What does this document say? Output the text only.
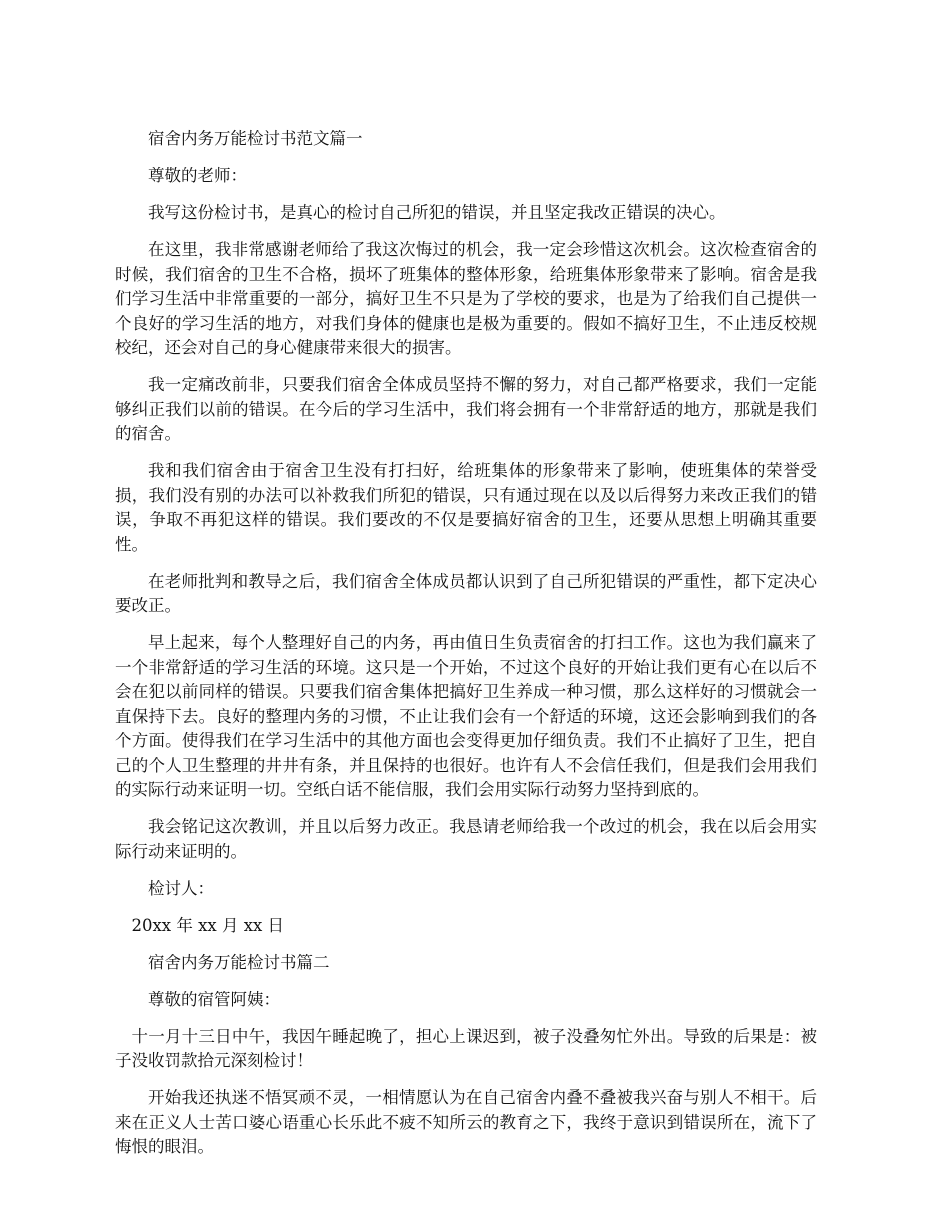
宿舍内务万能检讨书范文篇一

尊敬的老师：

我写这份检讨书，是真心的检讨自己所犯的错误，并且坚定我改正错误的决心。

在这里，我非常感谢老师给了我这次悔过的机会，我一定会珍惜这次机会。这次检查宿舍的时候，我们宿舍的卫生不合格，损坏了班集体的整体形象，给班集体形象带来了影响。宿舍是我们学习生活中非常重要的一部分，搞好卫生不只是为了学校的要求，也是为了给我们自己提供一个良好的学习生活的地方，对我们身体的健康也是极为重要的。假如不搞好卫生，不止违反校规校纪，还会对自己的身心健康带来很大的损害。

我一定痛改前非，只要我们宿舍全体成员坚持不懈的努力，对自己都严格要求，我们一定能够纠正我们以前的错误。在今后的学习生活中，我们将会拥有一个非常舒适的地方，那就是我们的宿舍。

我和我们宿舍由于宿舍卫生没有打扫好，给班集体的形象带来了影响，使班集体的荣誉受损，我们没有别的办法可以补救我们所犯的错误，只有通过现在以及以后得努力来改正我们的错误，争取不再犯这样的错误。我们要改的不仅是要搞好宿舍的卫生，还要从思想上明确其重要性。

在老师批判和教导之后，我们宿舍全体成员都认识到了自己所犯错误的严重性，都下定决心要改正。

早上起来，每个人整理好自己的内务，再由值日生负责宿舍的打扫工作。这也为我们赢来了一个非常舒适的学习生活的环境。这只是一个开始，不过这个良好的开始让我们更有心在以后不会在犯以前同样的错误。只要我们宿舍集体把搞好卫生养成一种习惯，那么这样好的习惯就会一直保持下去。良好的整理内务的习惯，不止让我们会有一个舒适的环境，这还会影响到我们的各个方面。使得我们在学习生活中的其他方面也会变得更加仔细负责。我们不止搞好了卫生，把自己的个人卫生整理的井井有条，并且保持的也很好。也许有人不会信任我们，但是我们会用我们的实际行动来证明一切。空纸白话不能信服，我们会用实际行动努力坚持到底的。

我会铭记这次教训，并且以后努力改正。我恳请老师给我一个改过的机会，我在以后会用实际行动来证明的。

检讨人：

20xx 年 xx 月 xx 日

宿舍内务万能检讨书篇二

尊敬的宿管阿姨：

十一月十三日中午，我因午睡起晚了，担心上课迟到，被子没叠匆忙外出。导致的后果是：被子没收罚款拾元深刻检讨！

开始我还执迷不悟冥顽不灵，一相情愿认为在自己宿舍内叠不叠被我兴奋与别人不相干。后来在正义人士苦口婆心语重心长乐此不疲不知所云的教育之下，我终于意识到错误所在，流下了悔恨的眼泪。
